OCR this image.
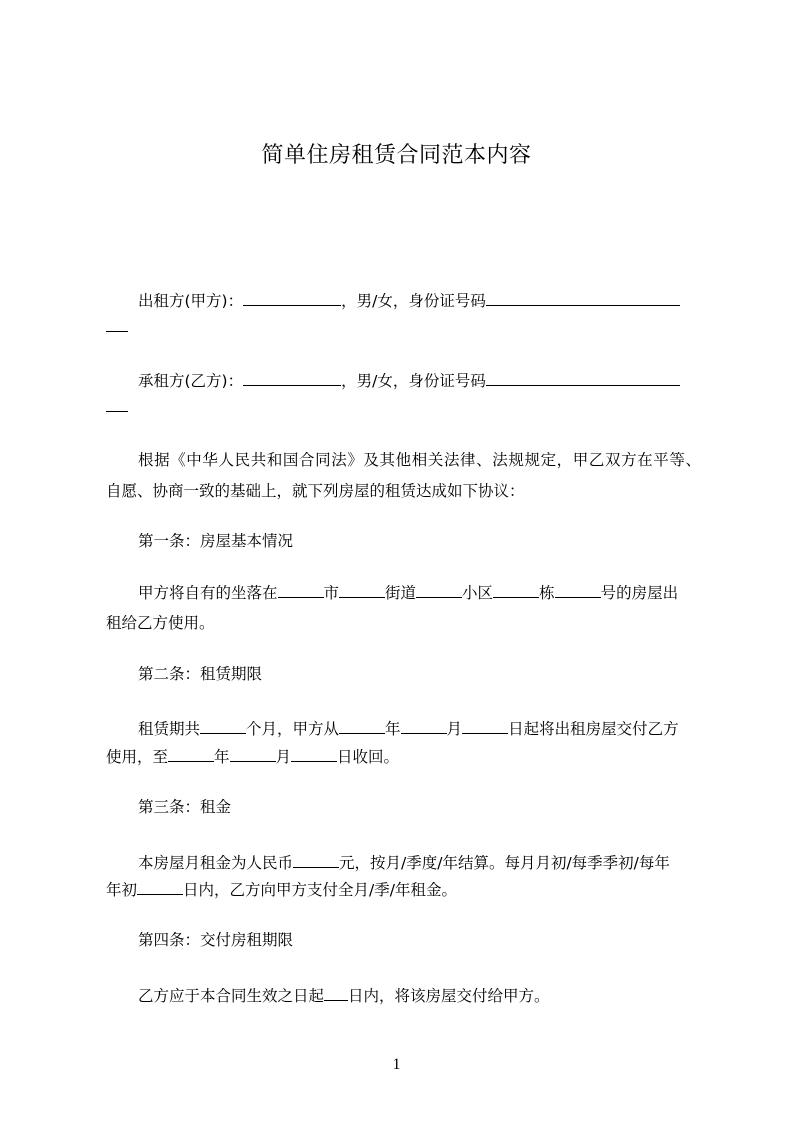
简单住房租赁合同范本内容
出租方(甲方)：	，男/女，身份证号码
承租方(乙方)：	，男/女，身份证号码
根据《中华人民共和国合同法》及其他相关法律、法规规定，甲乙双方在平等、
自愿、协商一致的基础上，就下列房屋的租赁达成如下协议：
第一条：房屋基本情况
甲方将自有的坐落在	市	街道	小区	栋	号的房屋出
租给乙方使用。
第二条：租赁期限
租赁期共	个月，甲方从	年	月	日起将出租房屋交付乙方
使用，至	年	月	日收回。
第三条：租金
本房屋月租金为人民币	元，按月/季度/年结算。每月月初/每季季初/每年
年初	日内，乙方向甲方支付全月/季/年租金。
第四条：交付房租期限
乙方应于本合同生效之日起 日内，将该房屋交付给甲方。
1
